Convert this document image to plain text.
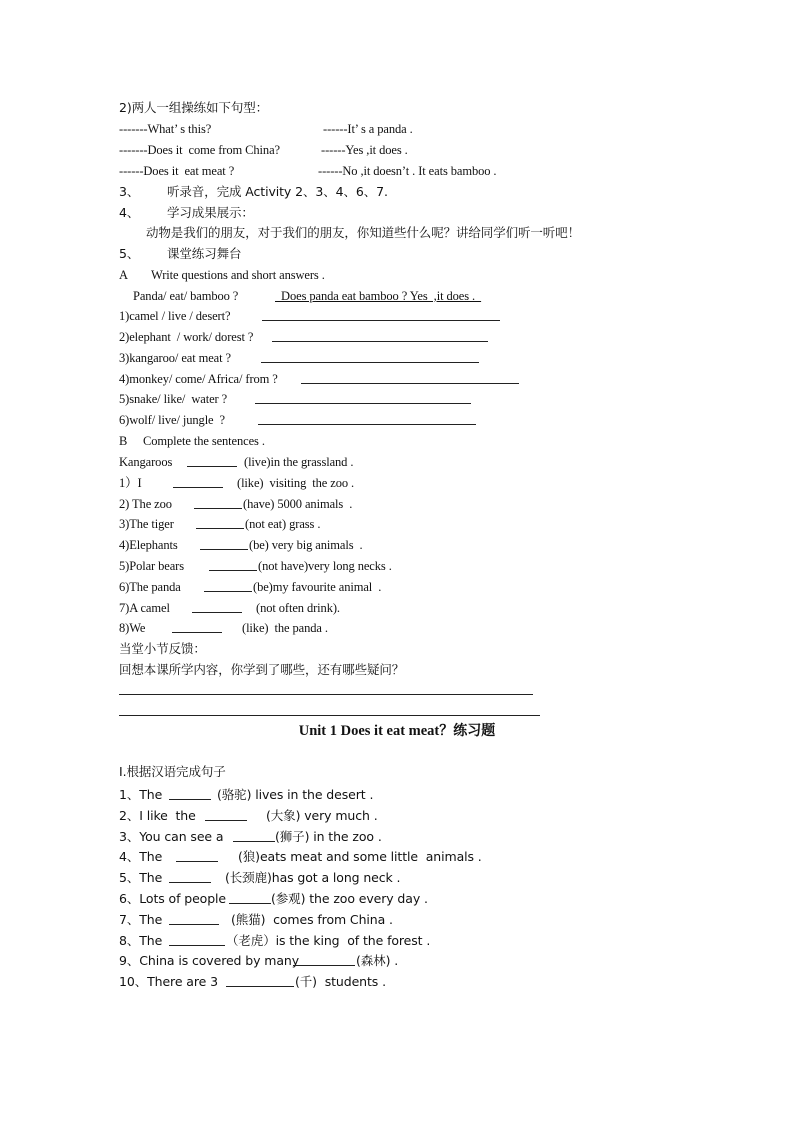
2)两人一组操练如下句型：
-------What’ s this?	------It’ s a panda .
-------Does it  come from China?	------Yes ,it does .
------Does it  eat meat ?	------No ,it doesn’t . It eats bamboo .
3、 听录音，完成 Activity 2、3、4、6、7.
4、 学习成果展示：
动物是我们的朋友，对于我们的朋友，你知道些什么呢？讲给同学们听一听吧！
5、 课堂练习舞台
A Write questions and short answers .
Panda/ eat/ bamboo ?	Does panda eat bamboo ? Yes  ,it does .
1)camel / live / desert?
2)elephant  / work/ dorest ?
3)kangaroo/ eat meat ?
4)monkey/ come/ Africa/ from ?
5)snake/ like/  water ?
6)wolf/ live/ jungle  ?
B Complete the sentences .
Kangaroos	(live)in the grassland .
1）I	(like)  visiting  the zoo .
2) The zoo	(have) 5000 animals  .
3)The tiger	(not eat) grass .
4)Elephants	(be) very big animals  .
5)Polar bears	(not have)very long necks .
6)The panda	(be)my favourite animal  .
7)A camel	(not often drink).
8)We	(like)  the panda .
当堂小节反馈：
回想本课所学内容，你学到了哪些，还有哪些疑问？
Unit 1 Does it eat meat？练习题
I.根据汉语完成句子
1、The	(骆驼) lives in the desert .
2、I like  the	(大象) very much .
3、You can see a	(狮子) in the zoo .
4、The	(狼)eats meat and some little  animals .
5、The	(长颈鹿)has got a long neck .
6、Lots of people	(参观) the zoo every day .
7、The	(熊猫)  comes from China .
8、The	（老虎）is the king  of the forest .
9、China is covered by many	(森林) .
10、There are 3	(千)  students .
